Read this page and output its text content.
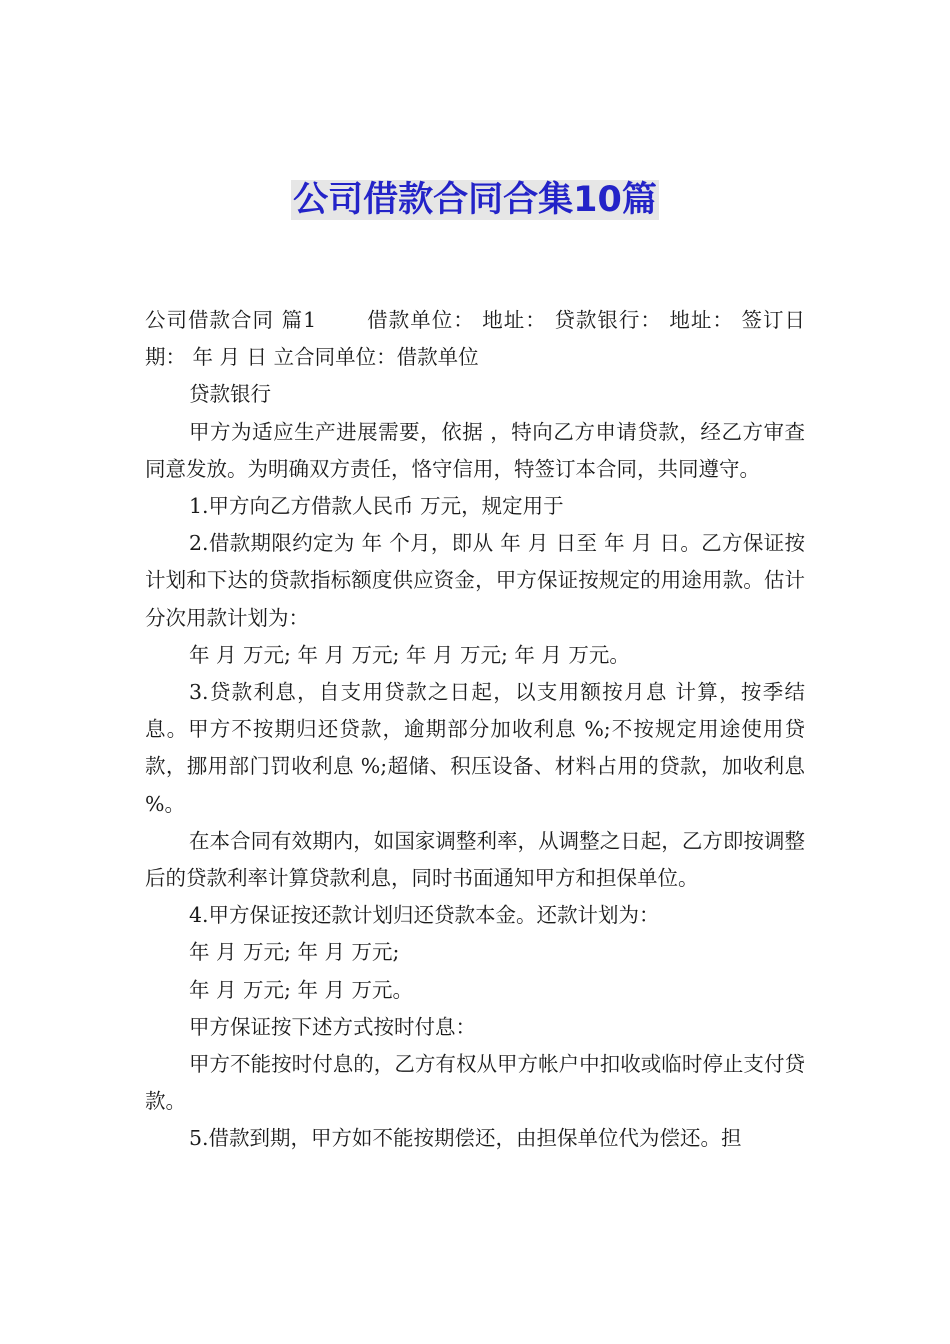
公司借款合同合集10篇

公司借款合同 篇1 借款单位： 地址： 贷款银行： 地址： 签订日期： 年 月 日 立合同单位：借款单位

贷款银行

甲方为适应生产进展需要，依据 ，特向乙方申请贷款，经乙方审查同意发放。为明确双方责任，恪守信用，特签订本合同，共同遵守。

1.甲方向乙方借款人民币 万元，规定用于

2.借款期限约定为 年 个月，即从 年 月 日至 年 月 日。乙方保证按计划和下达的贷款指标额度供应资金，甲方保证按规定的用途用款。估计分次用款计划为：

年 月 万元; 年 月 万元; 年 月 万元; 年 月 万元。

3.贷款利息，自支用贷款之日起，以支用额按月息 计算，按季结息。甲方不按期归还贷款，逾期部分加收利息 %;不按规定用途使用贷款，挪用部门罚收利息 %;超储、积压设备、材料占用的贷款，加收利息 %。

在本合同有效期内，如国家调整利率，从调整之日起，乙方即按调整后的贷款利率计算贷款利息，同时书面通知甲方和担保单位。

4.甲方保证按还款计划归还贷款本金。还款计划为：

年 月 万元; 年 月 万元;

年 月 万元; 年 月 万元。

甲方保证按下述方式按时付息：

甲方不能按时付息的，乙方有权从甲方帐户中扣收或临时停止支付贷款。

5.借款到期，甲方如不能按期偿还，由担保单位代为偿还。担
